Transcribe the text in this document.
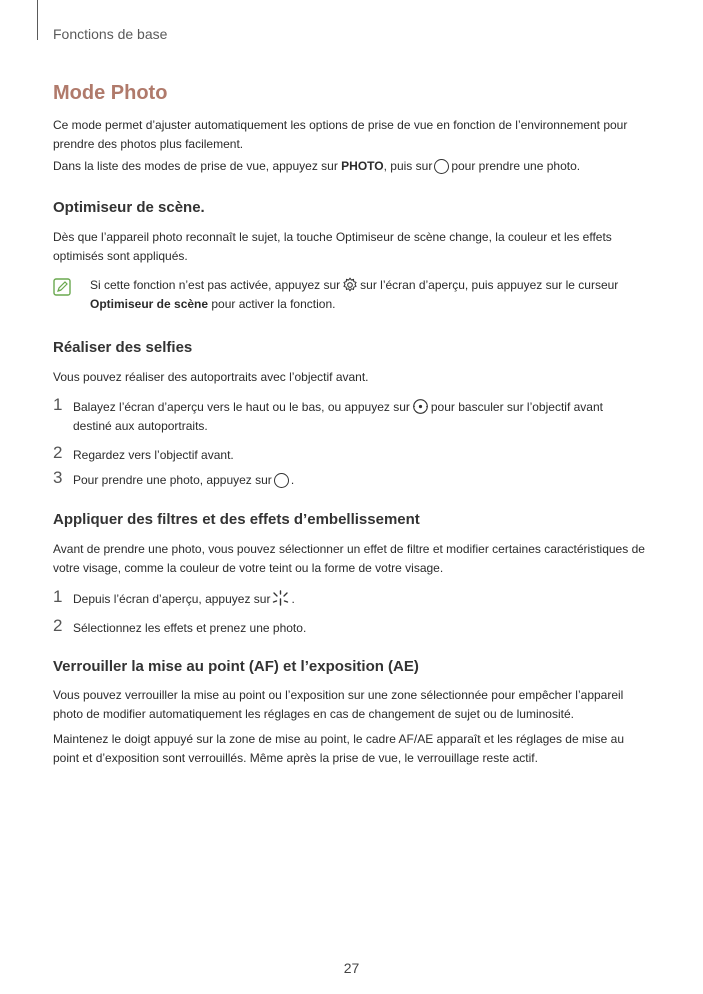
Fonctions de base
Mode Photo

Ce mode permet d’ajuster automatiquement les options de prise de vue en fonction de l’environnement pour prendre des photos plus facilement.

Dans la liste des modes de prise de vue, appuyez sur PHOTO, puis sur pour prendre une photo.

Optimiseur de scène.

Dès que l’appareil photo reconnaît le sujet, la touche Optimiseur de scène change, la couleur et les effets optimisés sont appliqués.

Si cette fonction n’est pas activée, appuyez sur sur l’écran d’aperçu, puis appuyez sur le curseur
Optimiseur de scène pour activer la fonction.
Réaliser des selfies

Vous pouvez réaliser des autoportraits avec l’objectif avant.

1 Balayez l’écran d’aperçu vers le haut ou le bas, ou appuyez sur pour basculer sur l’objectif avant destiné aux autoportraits.
2 Regardez vers l’objectif avant.
3 Pour prendre une photo, appuyez sur .
Appliquer des filtres et des effets d’embellissement

Avant de prendre une photo, vous pouvez sélectionner un effet de filtre et modifier certaines caractéristiques de votre visage, comme la couleur de votre teint ou la forme de votre visage.

1 Depuis l’écran d’aperçu, appuyez sur .
2 Sélectionnez les effets et prenez une photo.
Verrouiller la mise au point (AF) et l’exposition (AE)

Vous pouvez verrouiller la mise au point ou l’exposition sur une zone sélectionnée pour empêcher l’appareil photo de modifier automatiquement les réglages en cas de changement de sujet ou de luminosité.

Maintenez le doigt appuyé sur la zone de mise au point, le cadre AF/AE apparaît et les réglages de mise au point et d’exposition sont verrouillés. Même après la prise de vue, le verrouillage reste actif.

27
